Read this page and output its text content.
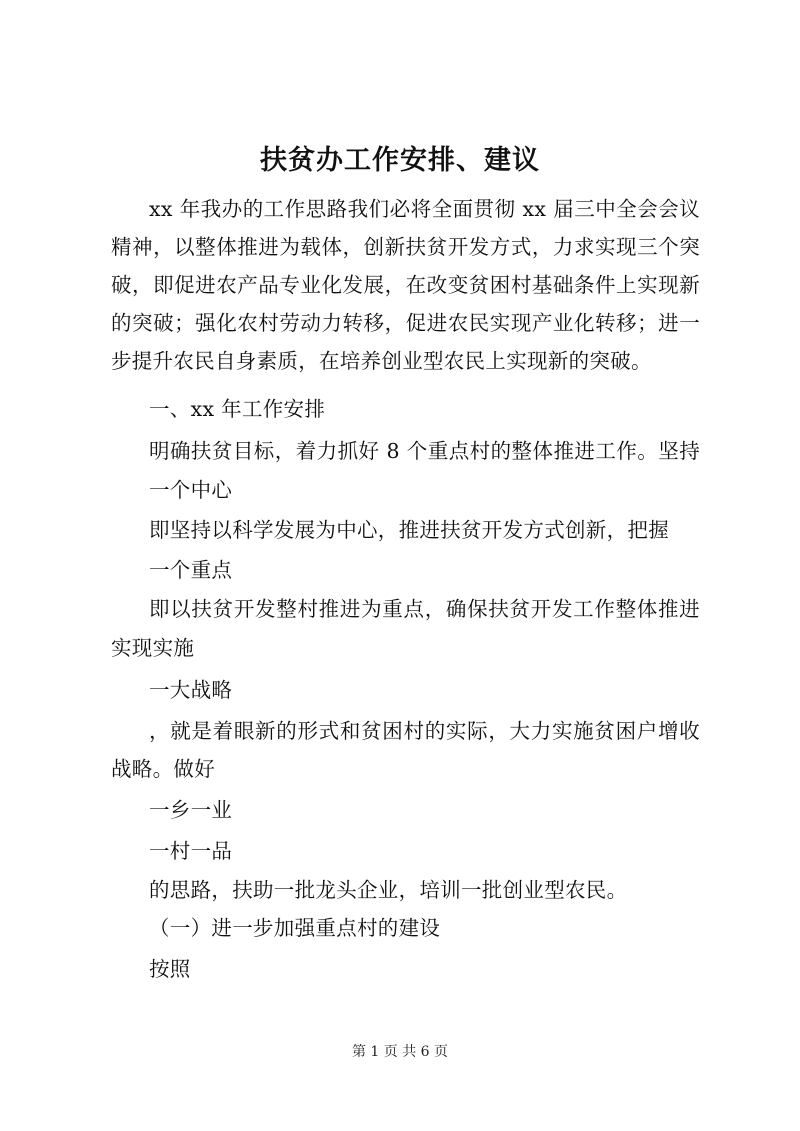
扶贫办工作安排、建议
xx 年我办的工作思路我们必将全面贯彻 xx 届三中全会会议
精神，以整体推进为载体，创新扶贫开发方式，力求实现三个突
破，即促进农产品专业化发展，在改变贫困村基础条件上实现新
的突破；强化农村劳动力转移，促进农民实现产业化转移；进一
步提升农民自身素质，在培养创业型农民上实现新的突破。
一、xx 年工作安排
明确扶贫目标，着力抓好 8 个重点村的整体推进工作。坚持
一个中心
即坚持以科学发展为中心，推进扶贫开发方式创新，把握
一个重点
即以扶贫开发整村推进为重点，确保扶贫开发工作整体推进
实现实施
一大战略
，就是着眼新的形式和贫困村的实际，大力实施贫困户增收
战略。做好
一乡一业
一村一品
的思路，扶助一批龙头企业，培训一批创业型农民。
（一）进一步加强重点村的建设
按照
第 1 页 共 6 页
